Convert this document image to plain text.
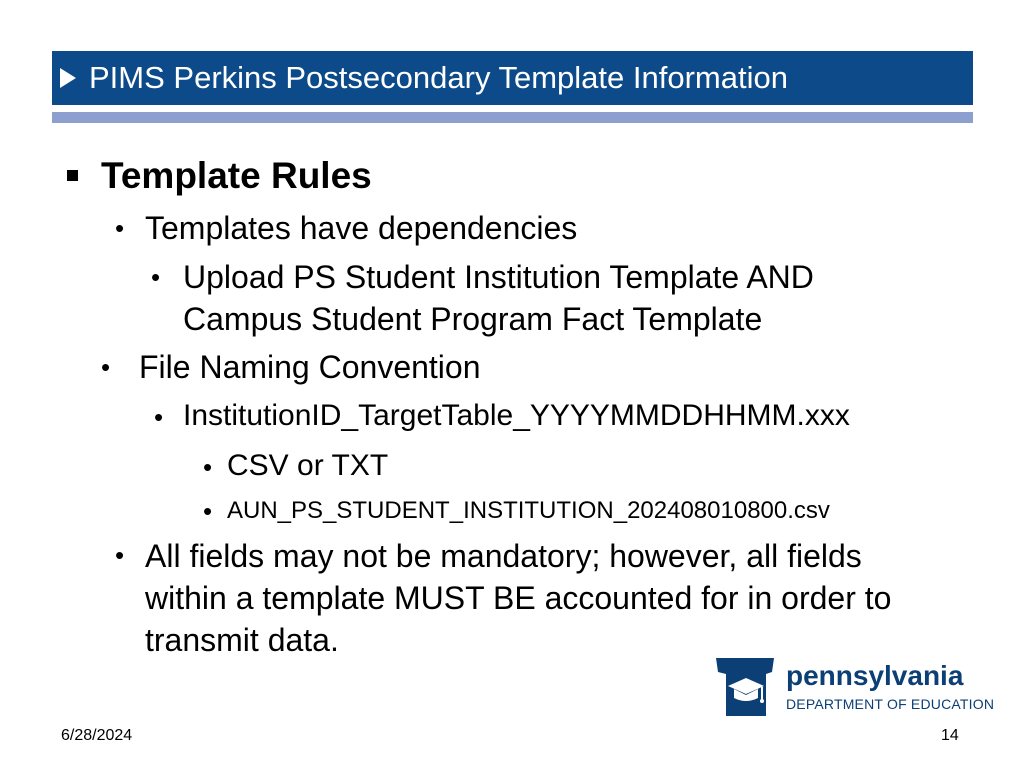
PIMS Perkins Postsecondary Template Information
Template Rules
• Templates have dependencies
• Upload PS Student Institution Template AND
Campus Student Program Fact Template
• File Naming Convention
• InstitutionID_TargetTable_YYYYMMDDHHMM.xxx
• CSV or TXT
• AUN_PS_STUDENT_INSTITUTION_202408010800.csv
• All fields may not be mandatory; however, all fields
within a template MUST BE accounted for in order to
transmit data.
pennsylvania
DEPARTMENT OF EDUCATION
6/28/2024	14
